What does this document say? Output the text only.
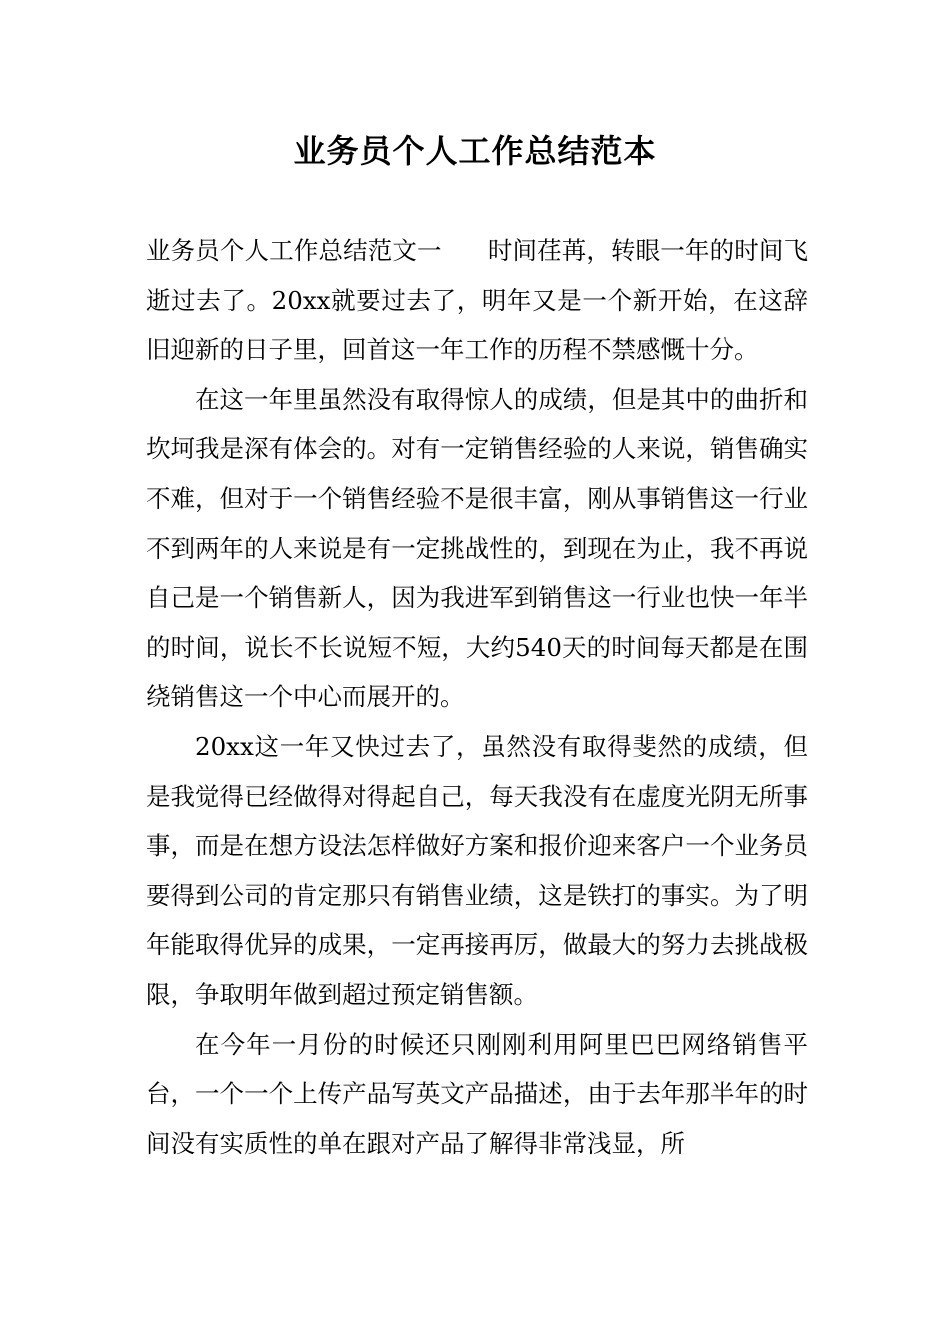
业务员个人工作总结范本

业务员个人工作总结范文一 时间荏苒，转眼一年的时间飞逝过去了。20xx就要过去了，明年又是一个新开始，在这辞旧迎新的日子里，回首这一年工作的历程不禁感慨十分。

在这一年里虽然没有取得惊人的成绩，但是其中的曲折和坎坷我是深有体会的。对有一定销售经验的人来说，销售确实不难，但对于一个销售经验不是很丰富，刚从事销售这一行业不到两年的人来说是有一定挑战性的，到现在为止，我不再说自己是一个销售新人，因为我进军到销售这一行业也快一年半的时间，说长不长说短不短，大约540天的时间每天都是在围绕销售这一个中心而展开的。

20xx这一年又快过去了，虽然没有取得斐然的成绩，但是我觉得已经做得对得起自己，每天我没有在虚度光阴无所事事，而是在想方设法怎样做好方案和报价迎来客户一个业务员要得到公司的肯定那只有销售业绩，这是铁打的事实。为了明年能取得优异的成果，一定再接再厉，做最大的努力去挑战极限，争取明年做到超过预定销售额。

在今年一月份的时候还只刚刚利用阿里巴巴网络销售平台，一个一个上传产品写英文产品描述，由于去年那半年的时间没有实质性的单在跟对产品了解得非常浅显，所
